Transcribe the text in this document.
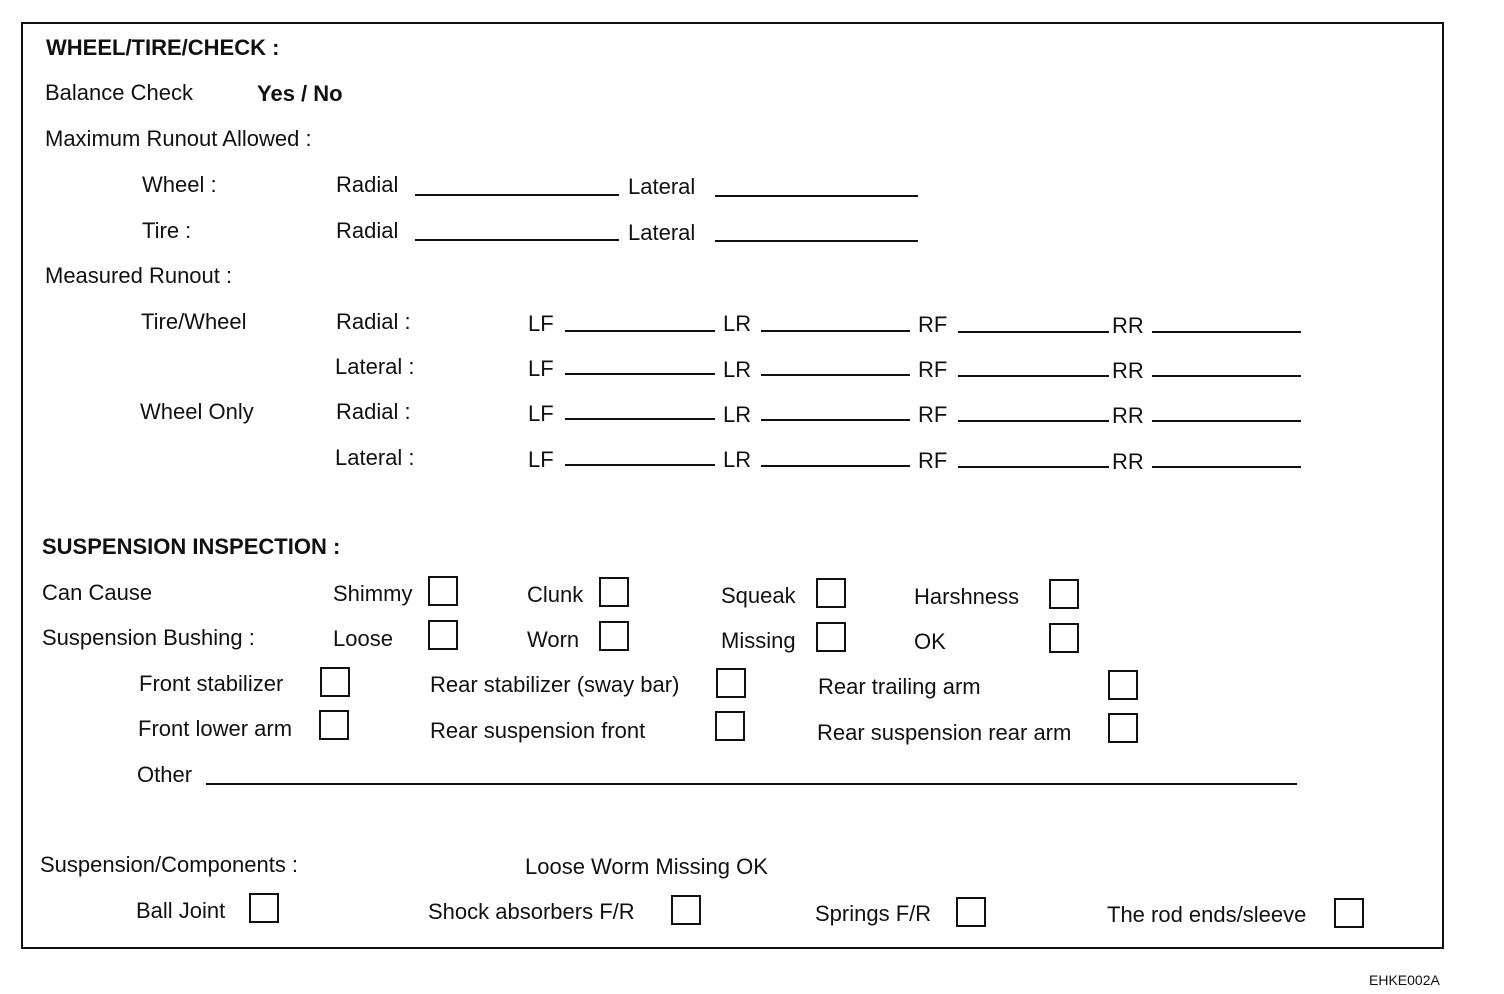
WHEEL/TIRE/CHECK :
Balance Check	Yes / No
Maximum Runout Allowed :
Wheel :	Radial	Lateral
Tire :	Radial	Lateral
Measured Runout :
Tire/Wheel	Radial :	LF	LR	RF	RR
Lateral :	LF	LR	RF	RR
Wheel Only	Radial :	LF	LR	RF	RR
Lateral :	LF	LR	RF	RR
SUSPENSION INSPECTION :
Can Cause	Shimmy	Clunk	Squeak	Harshness
Suspension Bushing :	Loose	Worn	Missing	OK
Front stabilizer	Rear stabilizer (sway bar)	Rear trailing arm
Front lower arm	Rear suspension front	Rear suspension rear arm
Other
Suspension/Components :	Loose Worm Missing OK
Ball Joint	Shock absorbers F/R	Springs F/R	The rod ends/sleeve
EHKE002A
